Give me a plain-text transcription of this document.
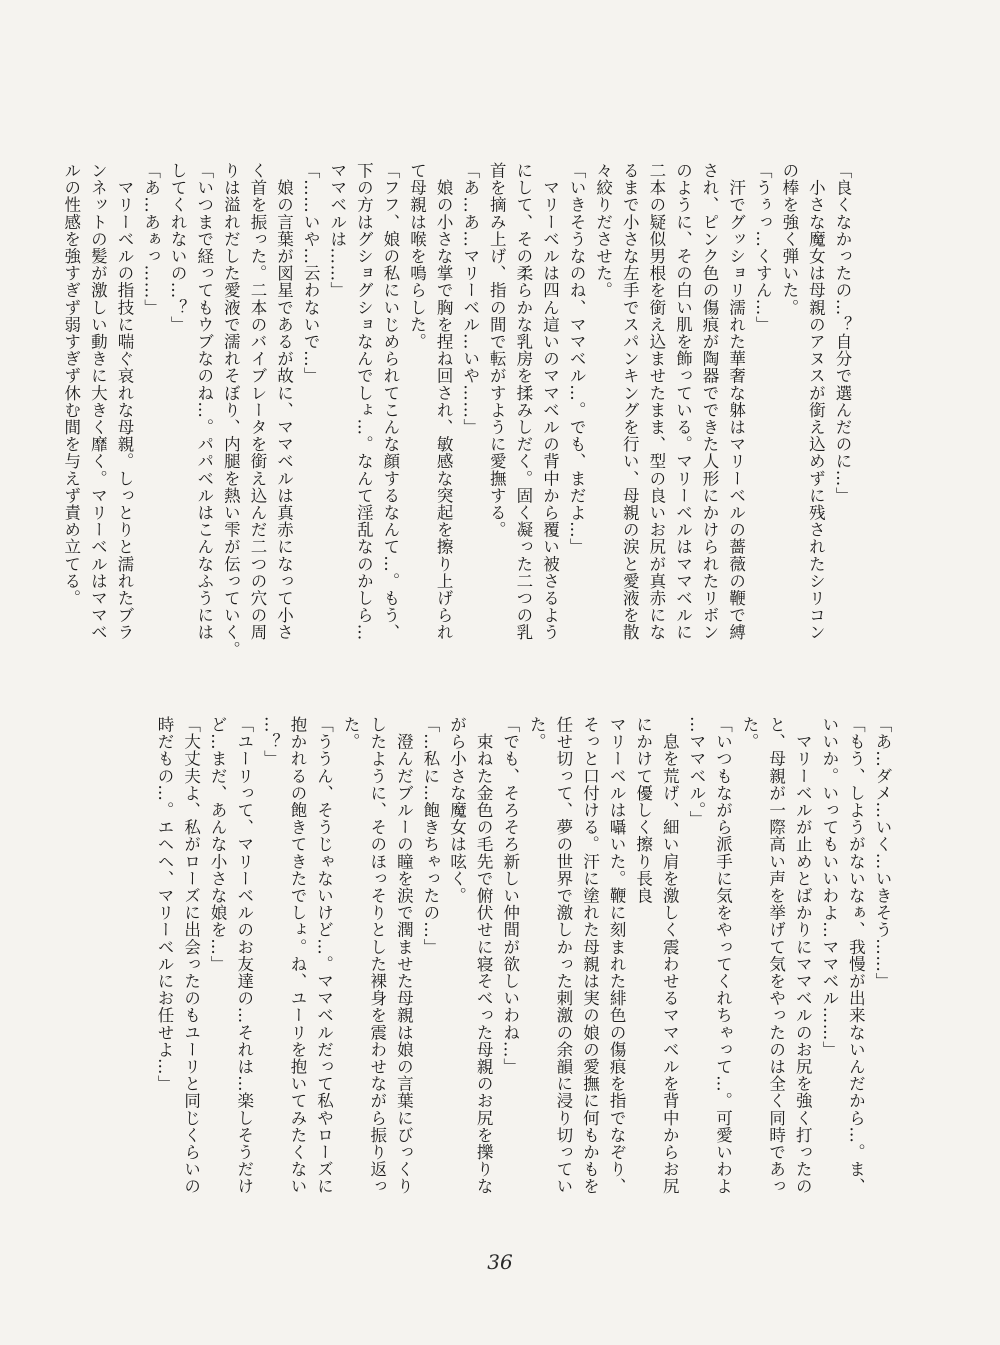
「良くなかったの…？自分で選んだのに…」
　小さな魔女は母親のアヌスが銜え込めずに残されたシリコン
の棒を強く弾いた。
「うぅっ…くすん…」
　汗でグッショリ濡れた華奢な躰はマリーベルの薔薇の鞭で縛
され、ピンク色の傷痕が陶器でできた人形にかけられたリボン
のように、その白い肌を飾っている。マリーベルはママベルに
二本の疑似男根を銜え込ませたまま、型の良いお尻が真赤にな
るまで小さな左手でスパンキングを行い、母親の涙と愛液を散
々絞りださせた。
「いきそうなのね、ママベル…。でも、まだよ…」
　マリーベルは四ん這いのママベルの背中から覆い被さるよう
にして、その柔らかな乳房を揉みしだく。固く凝った二つの乳
首を摘み上げ、指の間で転がすように愛撫する。
「あ…あ…マリーベル…いや……」
　娘の小さな掌で胸を捏ね回され、敏感な突起を擦り上げられ
て母親は喉を鳴らした。
「フフ、娘の私にいじめられてこんな顔するなんて…。もう、
下の方はグショグショなんでしょ…。なんて淫乱なのかしら…
ママベルは……」
「……いや…云わないで…」
　娘の言葉が図星であるが故に、ママベルは真赤になって小さ
く首を振った。二本のバイブレータを銜え込んだ二つの穴の周
りは溢れだした愛液で濡れそぼり、内腿を熱い雫が伝っていく。
「いつまで経ってもウブなのね…。パパベルはこんなふうには
してくれないの…？」
「あ…あぁっ……」
　マリーベルの指技に喘ぐ哀れな母親。しっとりと濡れたブラ
ンネットの髪が激しい動きに大きく靡く。マリーベルはママベ
ルの性感を強すぎず弱すぎず休む間を与えず責め立てる。
「あ…ダメ…いく…いきそう……」
「もう、しようがないなぁ、我慢が出来ないんだから…。ま、
いいか。いってもいいわよ…ママベル……」
　マリーベルが止めとばかりにママベルのお尻を強く打ったの
と、母親が一際高い声を挙げて気をやったのは全く同時であっ
た。
「いつもながら派手に気をやってくれちゃって…。可愛いわよ
…ママベル。」
　息を荒げ、細い肩を激しく震わせるママベルを背中からお尻
にかけて優しく擦り長良
マリーベルは囁いた。鞭に刻まれた緋色の傷痕を指でなぞり、
そっと口付ける。汗に塗れた母親は実の娘の愛撫に何もかもを
任せ切って、夢の世界で激しかった刺激の余韻に浸り切ってい
た。
「でも、そろそろ新しい仲間が欲しいわね…」
　束ねた金色の毛先で俯伏せに寝そべった母親のお尻を擽りな
がら小さな魔女は呟く。
「…私に…飽きちゃったの…」
　澄んだブルーの瞳を涙で潤ませた母親は娘の言葉にびっくり
したように、そのほっそりとした裸身を震わせながら振り返っ
た。
「ううん、そうじゃないけど…。ママベルだって私やローズに
抱かれるの飽きてきたでしょ。ね、ユーリを抱いてみたくない
…？」
「ユーリって、マリーベルのお友達の…それは…楽しそうだけ
ど…まだ、あんな小さな娘を…」
「大丈夫よ、私がローズに出会ったのもユーリと同じくらいの
時だもの…。エヘヘ、マリーベルにお任せよ…」
36
